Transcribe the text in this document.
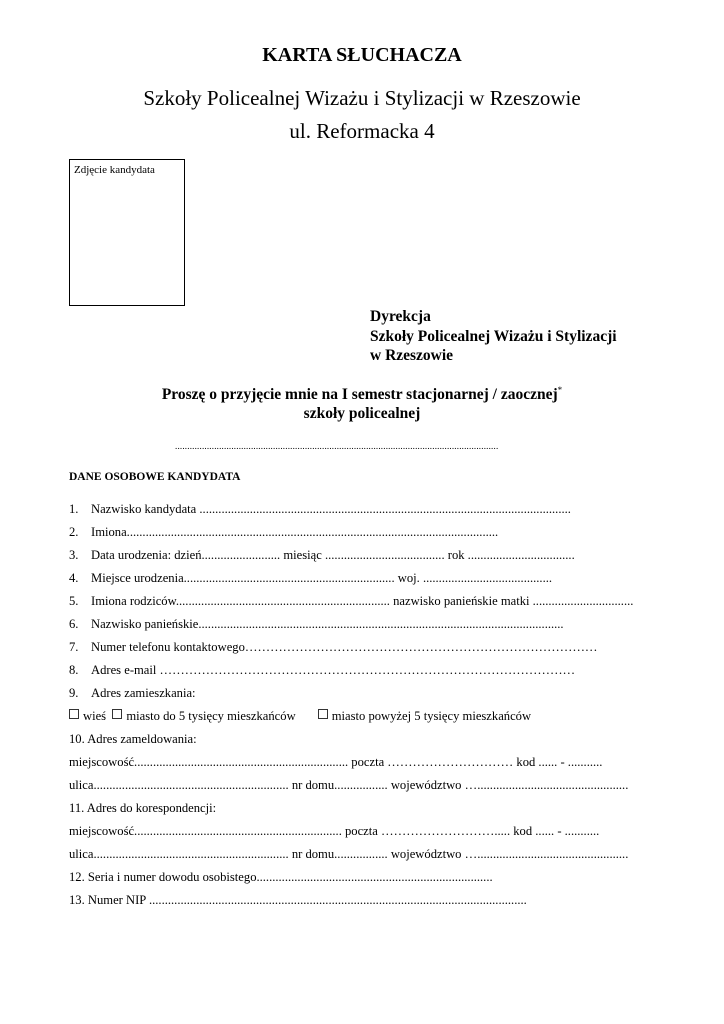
KARTA SŁUCHACZA
Szkoły Policealnej Wizażu i Stylizacji w Rzeszowie
ul. Reformacka 4
Zdjęcie kandydata
Dyrekcja
Szkoły Policealnej Wizażu i Stylizacji
w Rzeszowie
Proszę o przyjęcie mnie na I semestr stacjonarnej / zaocznej*
szkoły policealnej
....................................................................................................................................
DANE OSOBOWE KANDYDATA
1. Nazwisko kandydata ......................................................................................................................
2. Imiona......................................................................................................................
3. Data urodzenia: dzień......................... miesiąc ...................................... rok ..................................
4. Miejsce urodzenia................................................................... woj. .........................................
5. Imiona rodziców.................................................................... nazwisko panieńskie matki ................................
6. Nazwisko panieńskie....................................................................................................................
7. Numer telefonu kontaktowego…………………………………………………………………………
8. Adres e-mail ………………………………………………………………………………………
9. Adres zamieszkania:
wieś miasto do 5 tysięcy mieszkańców	miasto powyżej 5 tysięcy mieszkańców
10. Adres zameldowania:
miejscowość.................................................................... poczta ………………………… kod ...... - ...........
ulica.............................................................. nr domu................. województwo …................................................
11. Adres do korespondencji:
miejscowość.................................................................. poczta ………………………..... kod ...... - ...........
ulica.............................................................. nr domu................. województwo …................................................
12. Seria i numer dowodu osobistego...........................................................................
13. Numer NIP ........................................................................................................................
